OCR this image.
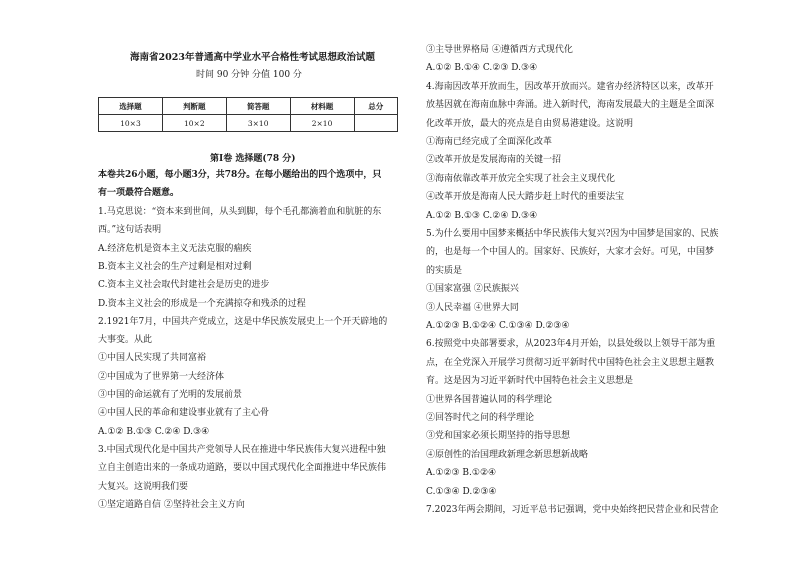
海南省2023年普通高中学业水平合格性考试思想政治试题
时间 90 分钟 分值 100 分
选择题	判断题	简答题	材料题	总分
10×3	10×2	3×10	2×10	
第Ⅰ卷 选择题(78 分)
本卷共26小题，每小题3分，共78分。在每小题给出的四个选项中，只
有一项最符合题意。
1.马克思说：“资本来到世间，从头到脚，每个毛孔都滴着血和肮脏的东
西。”这句话表明
A.经济危机是资本主义无法克服的痼疾
B.资本主义社会的生产过剩是相对过剩
C.资本主义社会取代封建社会是历史的进步
D.资本主义社会的形成是一个充满掠夺和残杀的过程
2.1921年7月，中国共产党成立，这是中华民族发展史上一个开天辟地的
大事变。从此
①中国人民实现了共同富裕
②中国成为了世界第一大经济体
③中国的命运就有了光明的发展前景
④中国人民的革命和建设事业就有了主心骨
A.①② B.①③ C.②④ D.③④
3.中国式现代化是中国共产党领导人民在推进中华民族伟大复兴进程中独
立自主创造出来的一条成功道路，要以中国式现代化全面推进中华民族伟
大复兴。这说明我们要
①坚定道路自信 ②坚持社会主义方向
③主导世界格局 ④遵循西方式现代化
A.①② B.①④ C.②③ D.③④
4.海南因改革开放而生，因改革开放而兴。建省办经济特区以来，改革开
放基因就在海南血脉中奔涌。进入新时代，海南发展最大的主题是全面深
化改革开放，最大的亮点是自由贸易港建设。这说明
①海南已经完成了全面深化改革
②改革开放是发展海南的关键一招
③海南依靠改革开放完全实现了社会主义现代化
④改革开放是海南人民大踏步赶上时代的重要法宝
A.①② B.①③ C.②④ D.③④
5.为什么要用中国梦来概括中华民族伟大复兴?因为中国梦是国家的、民族
的，也是每一个中国人的。国家好、民族好，大家才会好。可见，中国梦
的实质是
①国家富强 ②民族振兴
③人民幸福 ④世界大同
A.①②③ B.①②④ C.①③④ D.②③④
6.按照党中央部署要求，从2023年4月开始，以县处级以上领导干部为重
点，在全党深入开展学习贯彻习近平新时代中国特色社会主义思想主题教
育。这是因为习近平新时代中国特色社会主义思想是
①世界各国普遍认同的科学理论
②回答时代之问的科学理论
③党和国家必须长期坚持的指导思想
④原创性的治国理政新理念新思想新战略
A.①②③ B.①②④
C.①③④ D.②③④
7.2023年两会期间，习近平总书记强调，党中央始终把民营企业和民营企
